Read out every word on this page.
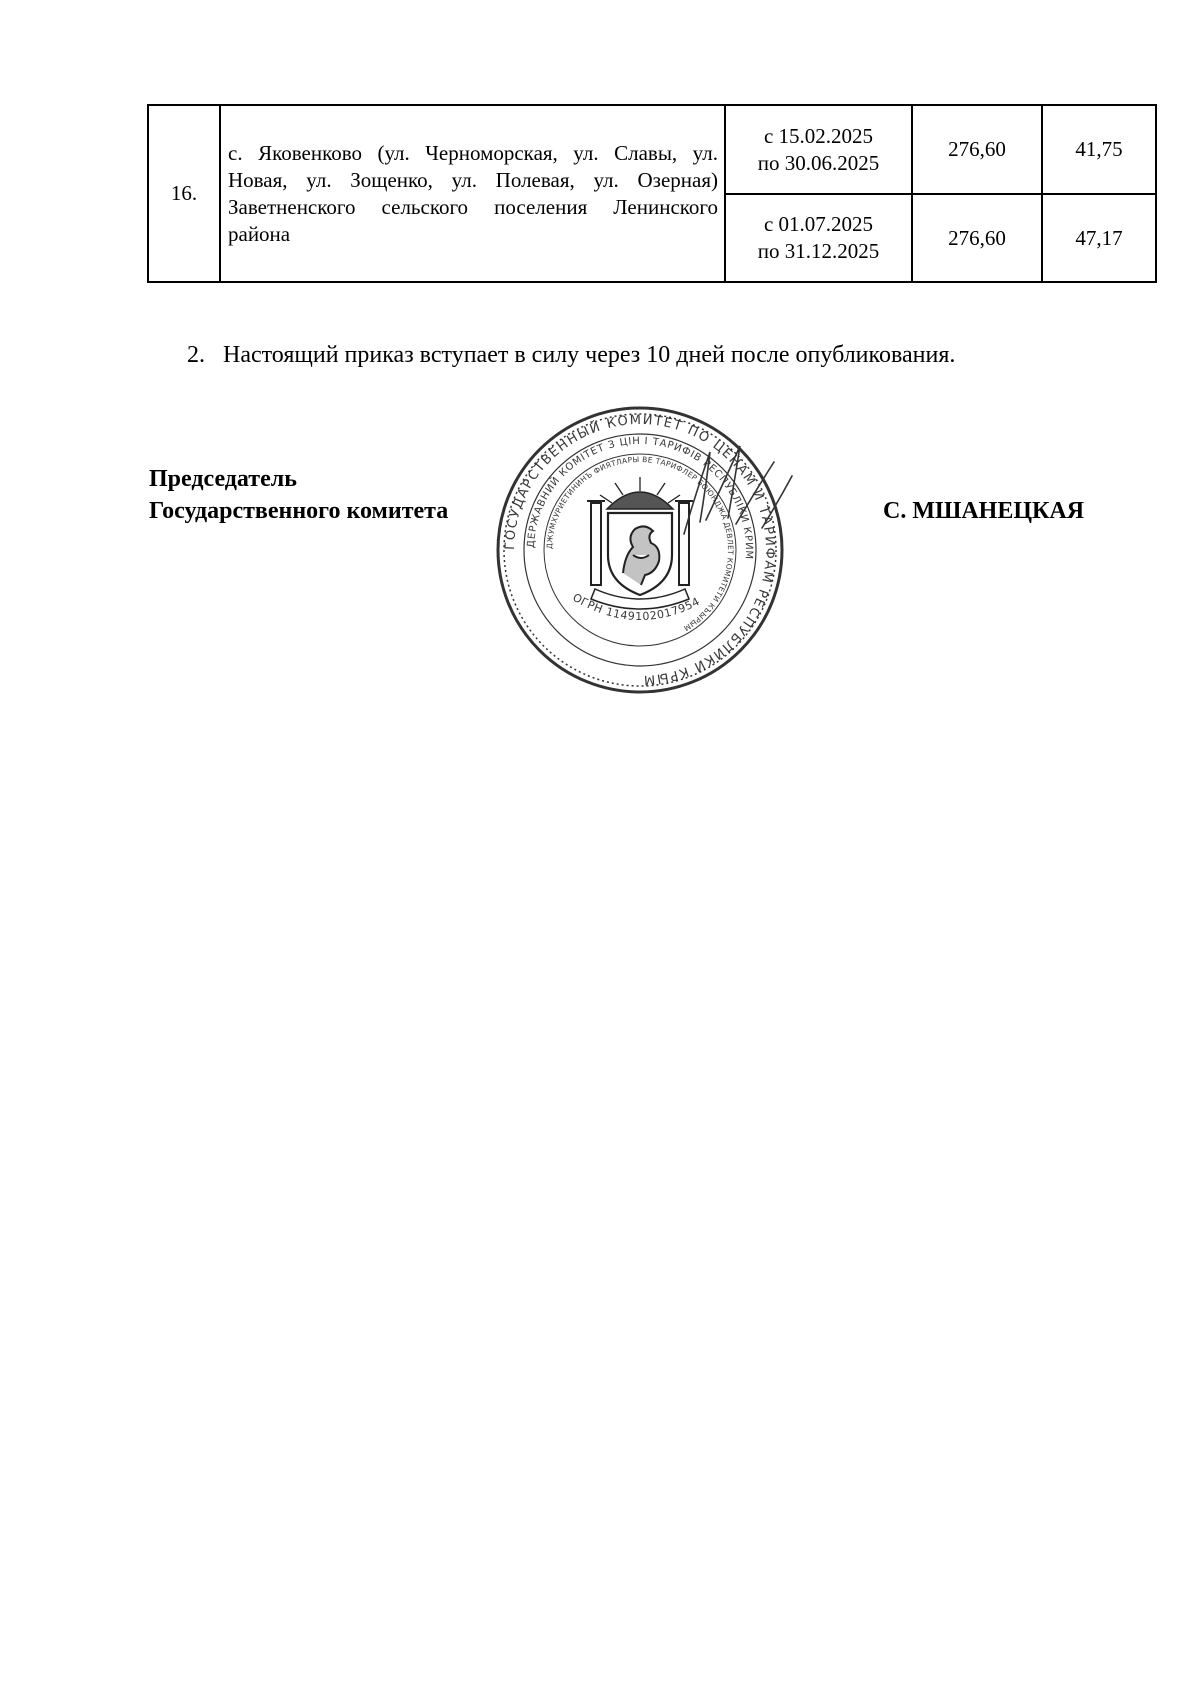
16.	с. Яковенково (ул. Черноморская, ул. Славы, ул. Новая, ул. Зощенко, ул. Полевая, ул. Озерная) Заветненского сельского поселения Ленинского района	с 15.02.2025
по 30.06.2025	276,60	41,75

		с 01.07.2025
по 31.12.2025	276,60	47,17
2. Настоящий приказ вступает в силу через 10 дней после опубликования.
Председатель
Государственного комитета
ГОСУДАРСТВЕННЫЙ КОМИТЕТ ПО ЦЕНАМ И ТАРИФАМ РЕСПУБЛИКИ КРЫМ
ДЕРЖАВНИЙ КОМІТЕТ З ЦІН І ТАРИФІВ РЕСПУБЛІКИ КРИМ
ДЖУМХУРИЕТИНИНЪ ФИЯТЛАРЫ ВЕ ТАРИФЛЕР БОЮНДЖА ДЕВЛЕТ КОМИТЕТИ КЪЫРЫМ
ОГРН 1149102017954
С. МШАНЕЦКАЯ
